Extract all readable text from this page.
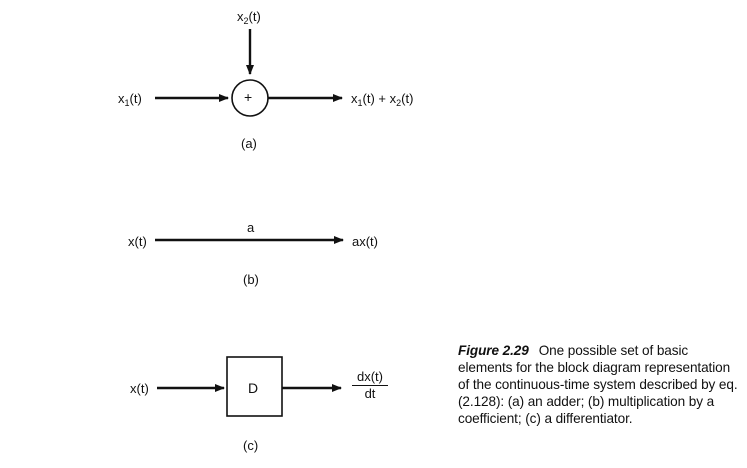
$x_2(t)$
$x_1(t)$	+	$x_1(t) + x_2(t)$
(a)
x(t)
a
ax(t)
(b)
x(t)	D
dx(t)
dt
(c)
Figure 2.29 One possible set of basic elements for the block diagram representation of the continuous-time system described by eq. (2.128): (a) an adder; (b) multiplication by a coefficient; (c) a differentiator.
